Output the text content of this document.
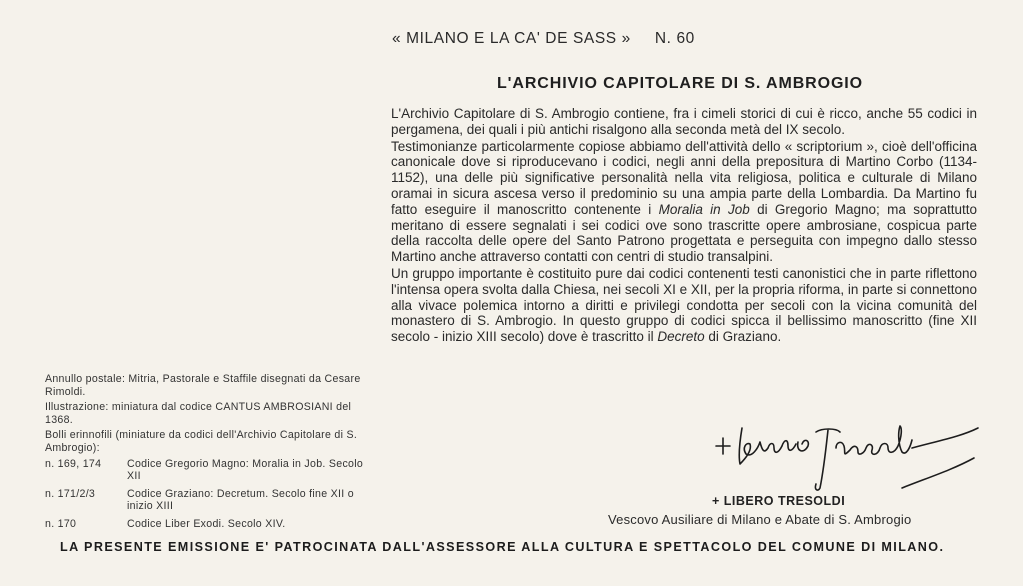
« MILANO E LA CA' DE SASS » N. 60
L'ARCHIVIO CAPITOLARE DI S. AMBROGIO

L'Archivio Capitolare di S. Ambrogio contiene, fra i cimeli storici di cui è ricco, anche 55 codici in pergamena, dei quali i più antichi risalgono alla seconda metà del IX secolo.

Testimonianze particolarmente copiose abbiamo dell'attività dello « scriptorium », cioè dell'officina canonicale dove si riproducevano i codici, negli anni della prepositura di Martino Corbo (1134-1152), una delle più significative personalità nella vita religiosa, politica e culturale di Milano oramai in sicura ascesa verso il predominio su una ampia parte della Lombardia. Da Martino fu fatto eseguire il manoscritto contenente i Moralia in Job di Gregorio Magno; ma soprattutto meritano di essere segnalati i sei codici ove sono trascritte opere ambrosiane, cospicua parte della raccolta delle opere del Santo Patrono progettata e perseguita con impegno dallo stesso Martino anche attraverso contatti con centri di studio transalpini.

Un gruppo importante è costituito pure dai codici contenenti testi canonistici che in parte riflettono l'intensa opera svolta dalla Chiesa, nei secoli XI e XII, per la propria riforma, in parte si connettono alla vivace polemica intorno a diritti e privilegi condotta per secoli con la vicina comunità del monastero di S. Ambrogio. In questo gruppo di codici spicca il bellissimo manoscritto (fine XII secolo - inizio XIII secolo) dove è trascritto il Decreto di Graziano.

Annullo postale: Mitria, Pastorale e Staffile disegnati da Cesare Rimoldi.

Illustrazione: miniatura dal codice CANTUS AMBROSIANI del 1368.

Bolli erinnofili (miniature da codici dell'Archivio Capitolare di S. Ambrogio):

n. 169, 174	Codice Gregorio Magno: Moralia in Job. Secolo XII
n. 171/2/3	Codice Graziano: Decretum. Secolo fine XII o inizio XIII
n. 170	Codice Liber Exodi. Secolo XIV.
+ LIBERO TRESOLDI
Vescovo Ausiliare di Milano e Abate di S. Ambrogio
LA PRESENTE EMISSIONE E' PATROCINATA DALL'ASSESSORE ALLA CULTURA E SPETTACOLO DEL COMUNE DI MILANO.
